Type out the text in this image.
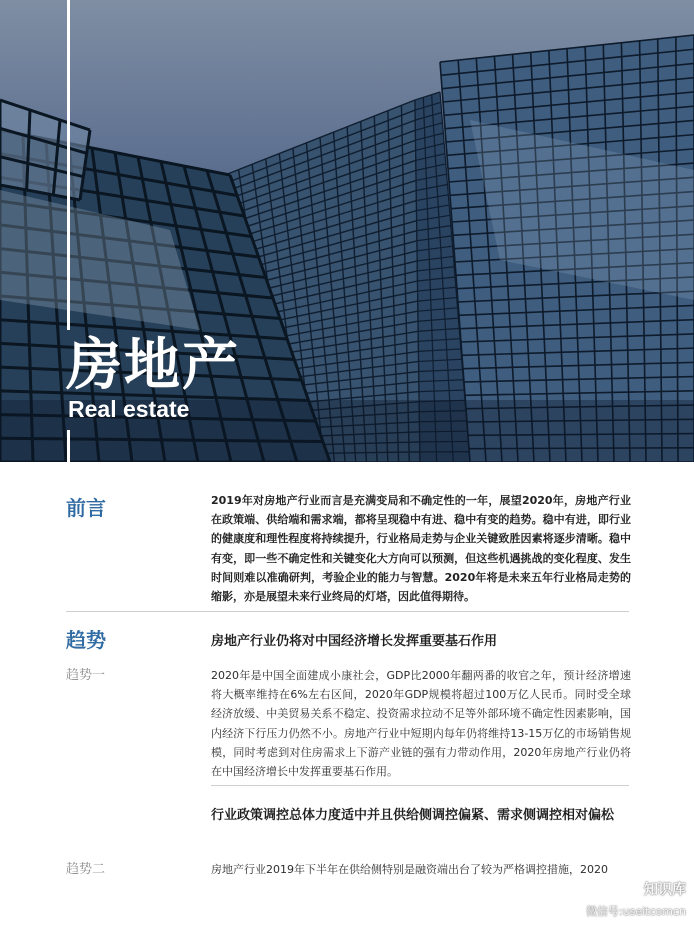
房地产
Real estate
前言	2019年对房地产行业而言是充满变局和不确定性的一年，展望2020年，房地产行业在政策端、供给端和需求端，都将呈现稳中有进、稳中有变的趋势。稳中有进，即行业的健康度和理性程度将持续提升，行业格局走势与企业关键致胜因素将逐步清晰。稳中有变，即一些不确定性和关键变化大方向可以预测，但这些机遇挑战的变化程度、发生时间则难以准确研判，考验企业的能力与智慧。2020年将是未来五年行业格局走势的缩影，亦是展望未来行业终局的灯塔，因此值得期待。
趋势	房地产行业仍将对中国经济增长发挥重要基石作用
趋势一	2020年是中国全面建成小康社会，GDP比2000年翻两番的收官之年，预计经济增速将大概率维持在6%左右区间，2020年GDP规模将超过100万亿人民币。同时受全球经济放缓、中美贸易关系不稳定、投资需求拉动不足等外部环境不确定性因素影响，国内经济下行压力仍然不小。房地产行业中短期内每年仍将维持13-15万亿的市场销售规模，同时考虑到对住房需求上下游产业链的强有力带动作用，2020年房地产行业仍将在中国经济增长中发挥重要基石作用。
行业政策调控总体力度适中并且供给侧调控偏紧、需求侧调控相对偏松
趋势二	房地产行业2019年下半年在供给侧特别是融资端出台了较为严格调控措施，2020
知识库
微信号:useitcomcn
